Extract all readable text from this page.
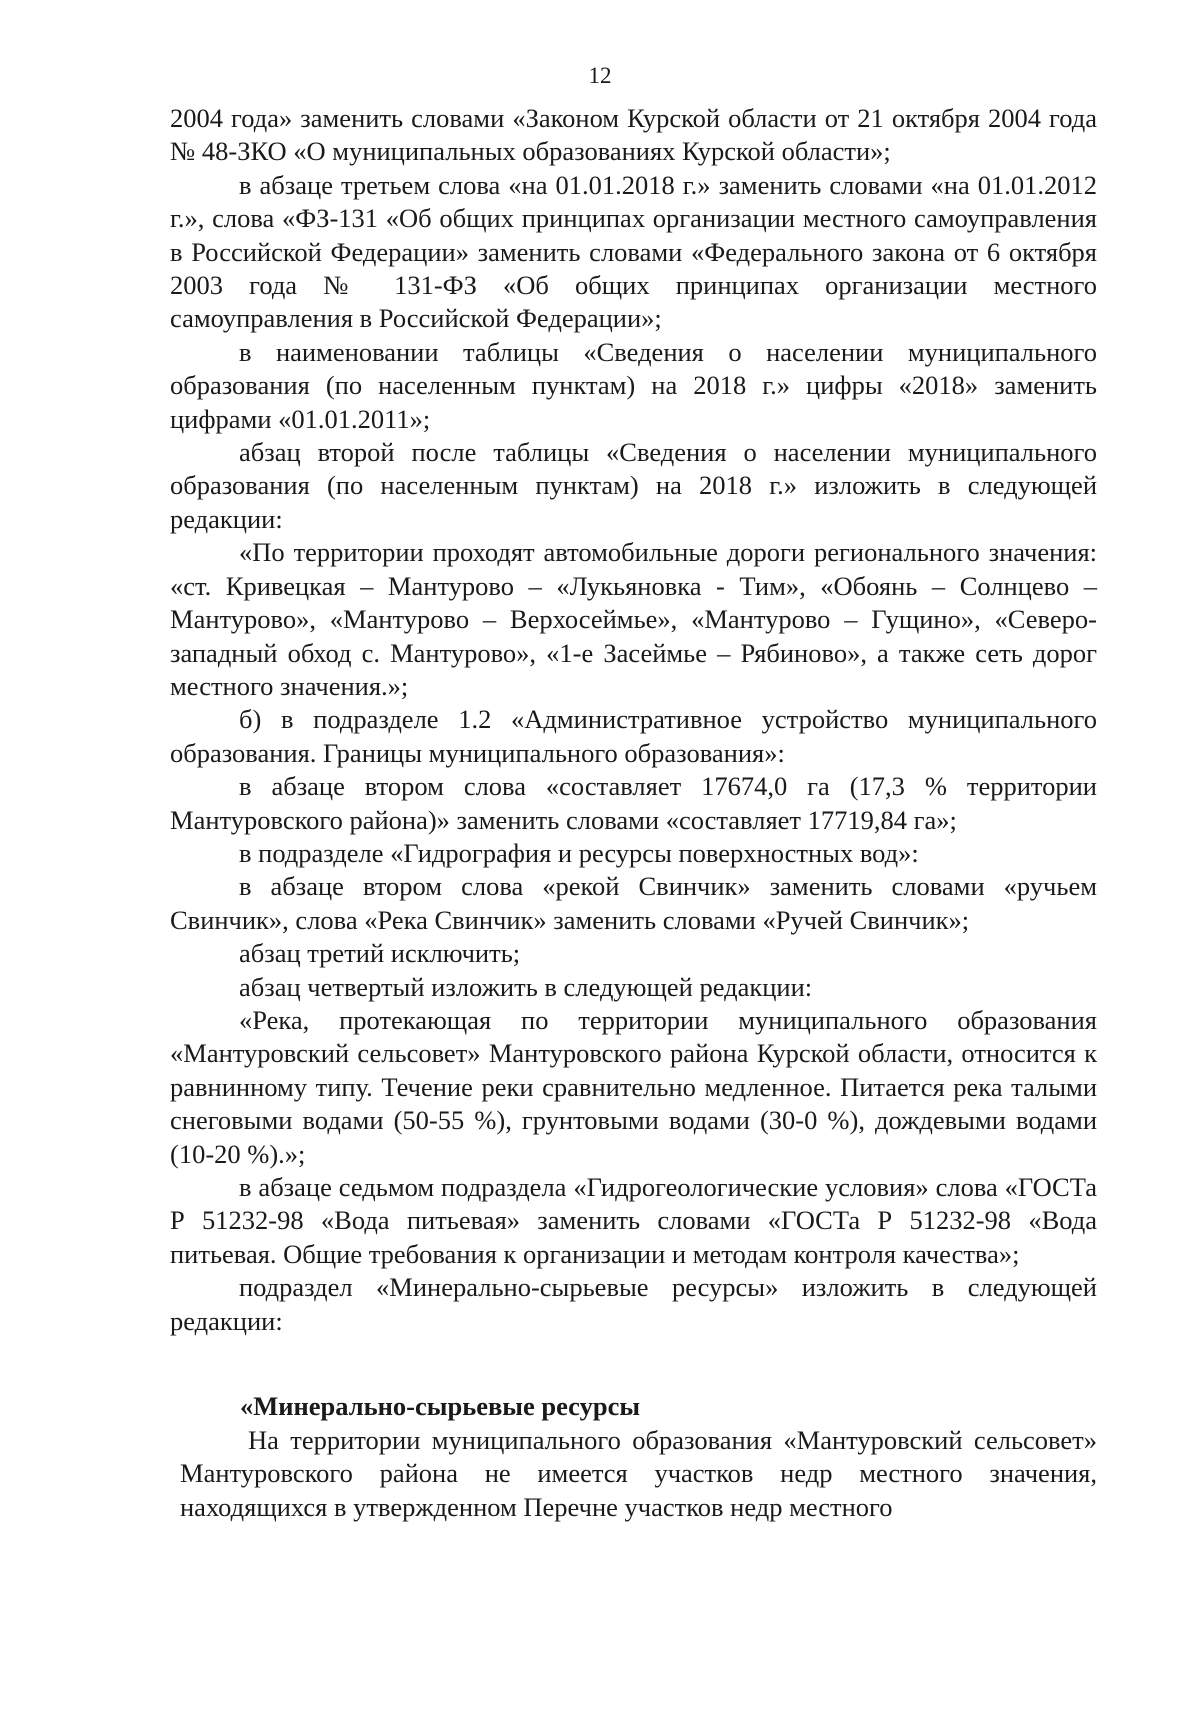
12

2004 года» заменить словами «Законом Курской области от 21 октября 2004 года № 48-ЗКО «О муниципальных образованиях Курской области»;

в абзаце третьем слова «на 01.01.2018 г.» заменить словами «на 01.01.2012 г.», слова «ФЗ-131 «Об общих принципах организации местного самоуправления в Российской Федерации» заменить словами «Федерального закона от 6 октября 2003 года № 131-ФЗ «Об общих принципах организации местного самоуправления в Российской Федерации»;

в наименовании таблицы «Сведения о населении муниципального образования (по населенным пунктам) на 2018 г.» цифры «2018» заменить цифрами «01.01.2011»;

абзац второй после таблицы «Сведения о населении муниципального образования (по населенным пунктам) на 2018 г.» изложить в следующей редакции:

«По территории проходят автомобильные дороги регионального значения: «ст. Кривецкая – Мантурово – «Лукьяновка - Тим», «Обоянь – Солнцево – Мантурово», «Мантурово – Верхосеймье», «Мантурово – Гущино», «Северо-западный обход с. Мантурово», «1-е Засеймье – Рябиново», а также сеть дорог местного значения.»;

б) в подразделе 1.2 «Административное устройство муниципального образования. Границы муниципального образования»:

в абзаце втором слова «составляет 17674,0 га (17,3 % территории Мантуровского района)» заменить словами «составляет 17719,84 га»;

в подразделе «Гидрография и ресурсы поверхностных вод»:

в абзаце втором слова «рекой Свинчик» заменить словами «ручьем Свинчик», слова «Река Свинчик» заменить словами «Ручей Свинчик»;

абзац третий исключить;

абзац четвертый изложить в следующей редакции:

«Река, протекающая по территории муниципального образования «Мантуровский сельсовет» Мантуровского района Курской области, относится к равнинному типу. Течение реки сравнительно медленное. Питается река талыми снеговыми водами (50-55 %), грунтовыми водами (30-0 %), дождевыми водами (10-20 %).»;

в абзаце седьмом подраздела «Гидрогеологические условия» слова «ГОСТа Р 51232-98 «Вода питьевая» заменить словами «ГОСТа Р 51232-98 «Вода питьевая. Общие требования к организации и методам контроля качества»;

подраздел «Минерально-сырьевые ресурсы» изложить в следующей редакции:

«Минерально-сырьевые ресурсы

На территории муниципального образования «Мантуровский сельсовет» Мантуровского района не имеется участков недр местного значения, находящихся в утвержденном Перечне участков недр местного
